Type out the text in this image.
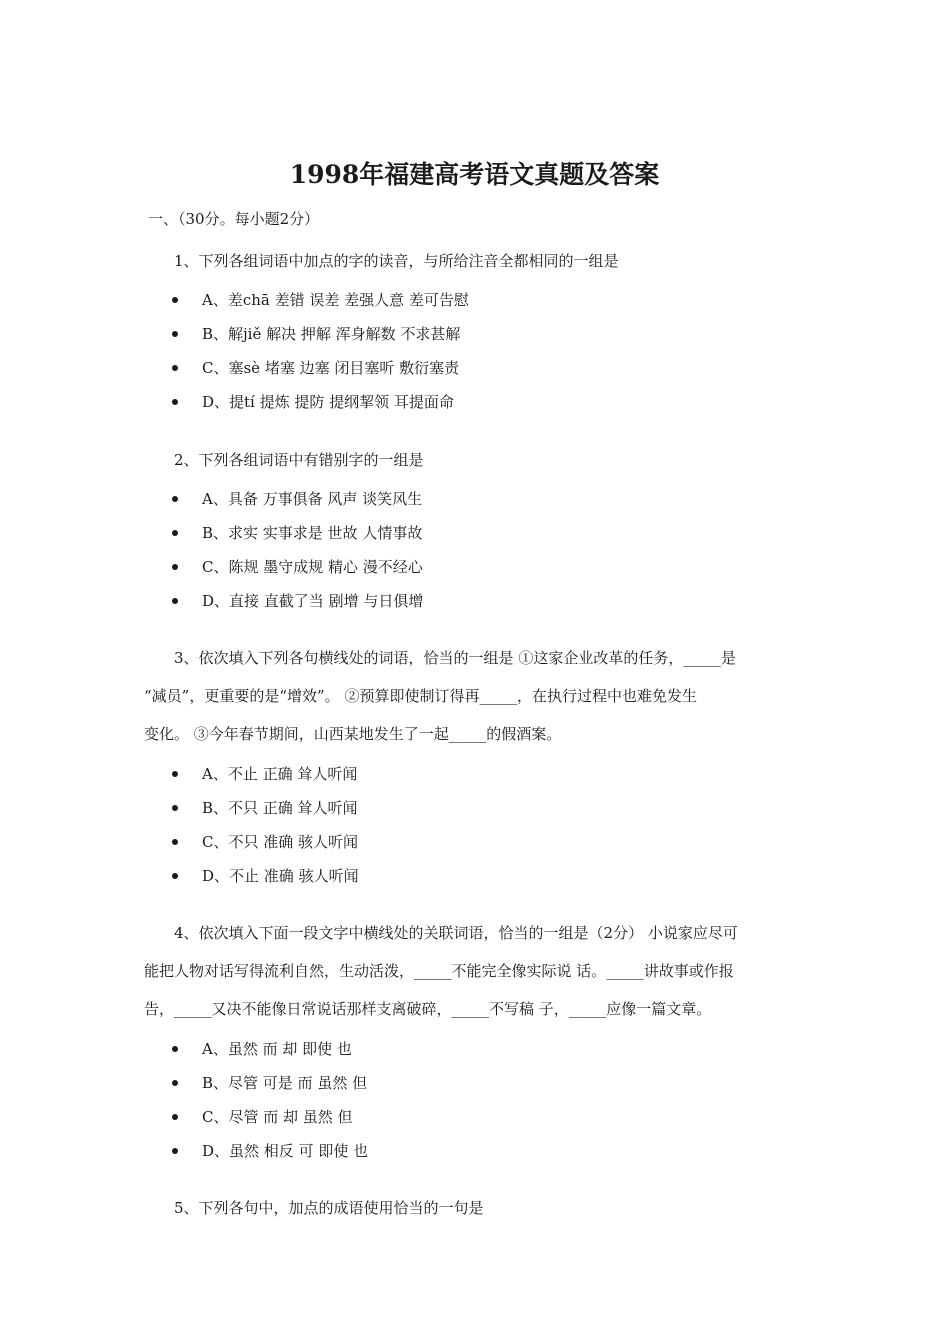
1998年福建高考语文真题及答案
一、（30分。每小题2分）
1、下列各组词语中加点的字的读音，与所给注音全都相同的一组是
A、差chā 差错 误差 差强人意 差可告慰
B、解jiě 解决 押解 浑身解数 不求甚解
C、塞sè 堵塞 边塞 闭目塞听 敷衍塞责
D、提tí 提炼 提防 提纲挈领 耳提面命
2、下列各组词语中有错别字的一组是
A、具备 万事俱备 风声 谈笑风生
B、求实 实事求是 世故 人情事故
C、陈规 墨守成规 精心 漫不经心
D、直接 直截了当 剧增 与日俱增
3、依次填入下列各句横线处的词语，恰当的一组是 ①这家企业改革的任务，_____是
“减员”，更重要的是“增效”。 ②预算即使制订得再_____，在执行过程中也难免发生
变化。 ③今年春节期间，山西某地发生了一起_____的假酒案。
A、不止 正确 耸人听闻
B、不只 正确 耸人听闻
C、不只 准确 骇人听闻
D、不止 准确 骇人听闻
4、依次填入下面一段文字中横线处的关联词语，恰当的一组是（2分） 小说家应尽可
能把人物对话写得流利自然，生动活泼，_____不能完全像实际说 话。_____讲故事或作报
告，_____又决不能像日常说话那样支离破碎，_____不写稿 子，_____应像一篇文章。
A、虽然 而 却 即使 也
B、尽管 可是 而 虽然 但
C、尽管 而 却 虽然 但
D、虽然 相反 可 即使 也
5、下列各句中，加点的成语使用恰当的一句是
